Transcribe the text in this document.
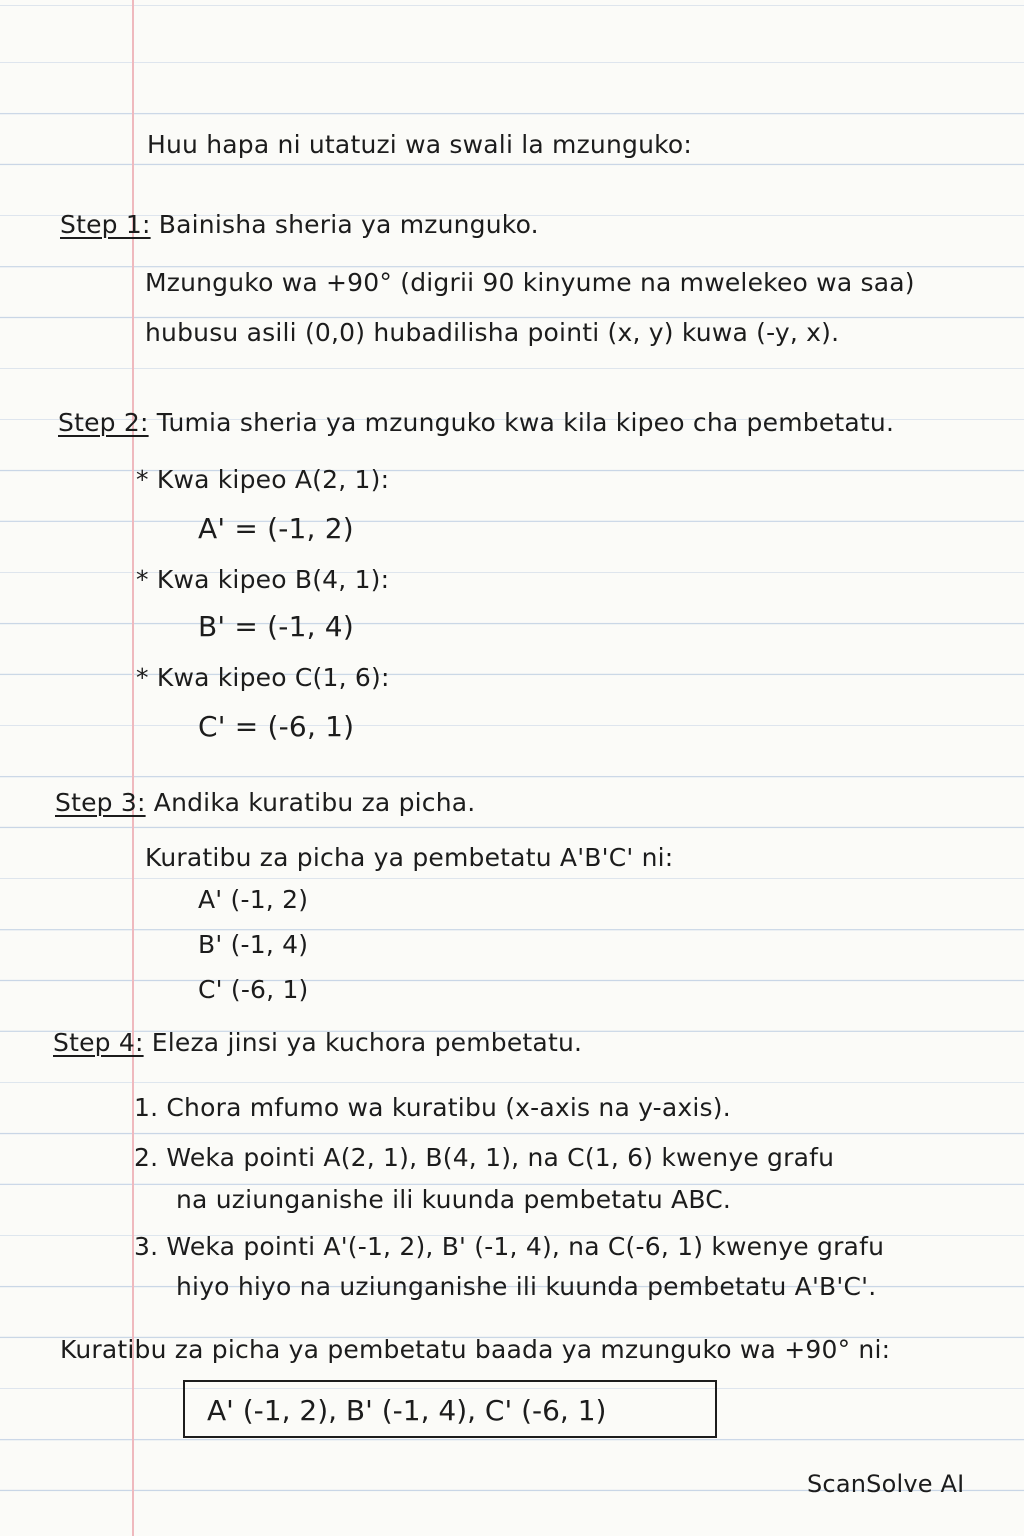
Huu hapa ni utatuzi wa swali la mzunguko:
Step 1: Bainisha sheria ya mzunguko.
Mzunguko wa +90° (digrii 90 kinyume na mwelekeo wa saa)
hubusu asili (0,0) hubadilisha pointi (x, y) kuwa (-y, x).
Step 2: Tumia sheria ya mzunguko kwa kila kipeo cha pembetatu.
* Kwa kipeo A(2, 1):
A' = (-1, 2)
* Kwa kipeo B(4, 1):
B' = (-1, 4)
* Kwa kipeo C(1, 6):
C' = (-6, 1)
Step 3: Andika kuratibu za picha.
Kuratibu za picha ya pembetatu A'B'C' ni:
A' (-1, 2)
B' (-1, 4)
C' (-6, 1)
Step 4: Eleza jinsi ya kuchora pembetatu.
1. Chora mfumo wa kuratibu (x-axis na y-axis).
2. Weka pointi A(2, 1), B(4, 1), na C(1, 6) kwenye grafu
na uziunganishe ili kuunda pembetatu ABC.
3. Weka pointi A'(-1, 2), B' (-1, 4), na C(-6, 1) kwenye grafu
hiyo hiyo na uziunganishe ili kuunda pembetatu A'B'C'.
Kuratibu za picha ya pembetatu baada ya mzunguko wa +90° ni:
A' (-1, 2), B' (-1, 4), C' (-6, 1)
ScanSolve AI
